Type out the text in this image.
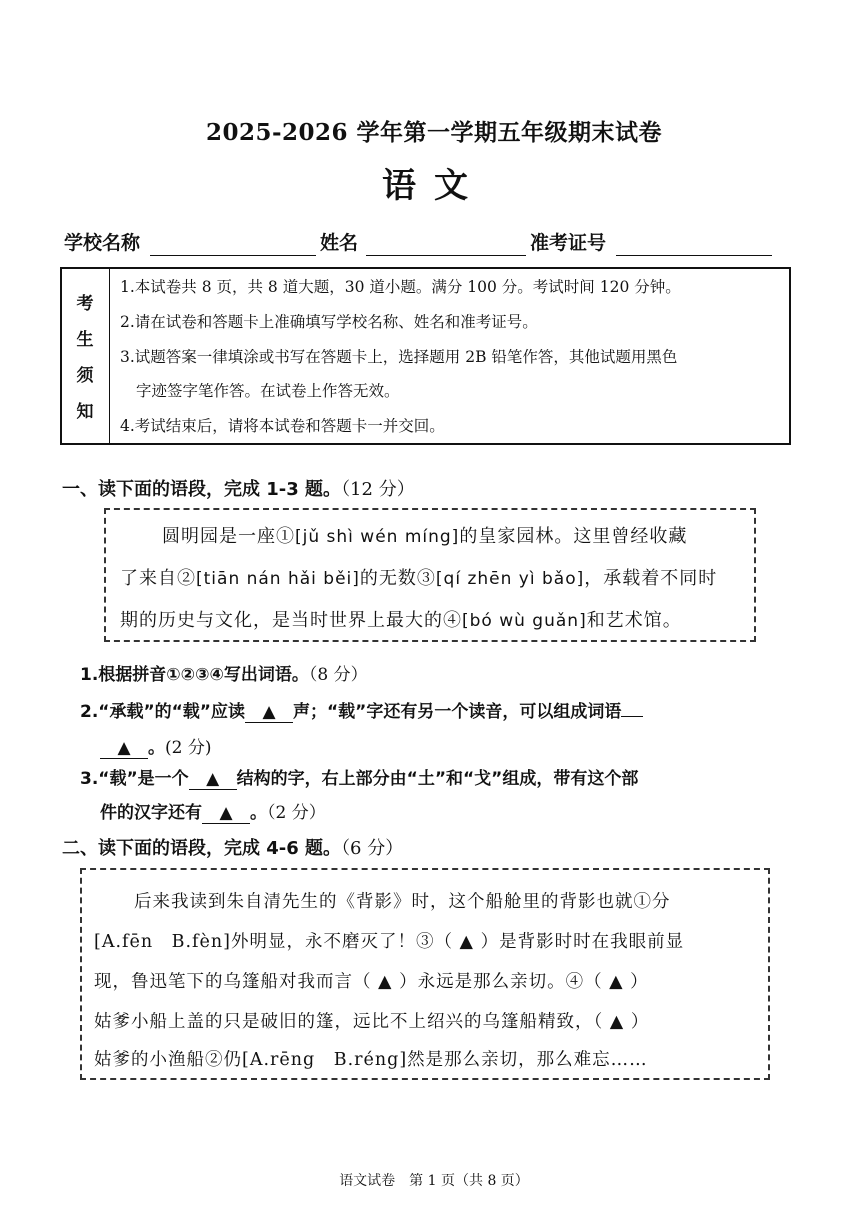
2025-2026 学年第一学期五年级期末试卷
语文
学校名称	姓名	准考证号
考
生
须
知
1.本试卷共 8 页，共 8 道大题，30 道小题。满分 100 分。考试时间 120 分钟。
2.请在试卷和答题卡上准确填写学校名称、姓名和准考证号。
3.试题答案一律填涂或书写在答题卡上，选择题用 2B 铅笔作答，其他试题用黑色
字迹签字笔作答。在试卷上作答无效。
4.考试结束后，请将本试卷和答题卡一并交回。
一、读下面的语段，完成 1-3 题。（12 分）
圆明园是一座①[jǔ shì wén míng]的皇家园林。这里曾经收藏
了来自②[tiān nán hǎi běi]的无数③[qí zhēn yì bǎo]，承载着不同时
期的历史与文化，是当时世界上最大的④[bó wù guǎn]和艺术馆。
1.根据拼音①②③④写出词语。（8 分）
2.“承载”的“载”应读 ▲ 声；“载”字还有另一个读音，可以组成词语
▲ 。(2 分)
3.“载”是一个 ▲ 结构的字，右上部分由“土”和“戈”组成，带有这个部
件的汉字还有 ▲ 。（2 分）
二、读下面的语段，完成 4-6 题。（6 分）
后来我读到朱自清先生的《背影》时，这个船舱里的背影也就①分
[A.fēn　B.fèn]外明显，永不磨灭了！③（ ▲ ）是背影时时在我眼前显
现，鲁迅笔下的乌篷船对我而言（ ▲ ）永远是那么亲切。④（ ▲ ）
姑爹小船上盖的只是破旧的篷，远比不上绍兴的乌篷船精致，（ ▲ ）
姑爹的小渔船②仍[A.rēng　B.réng]然是那么亲切，那么难忘……
语文试卷　第 1 页（共 8 页）
